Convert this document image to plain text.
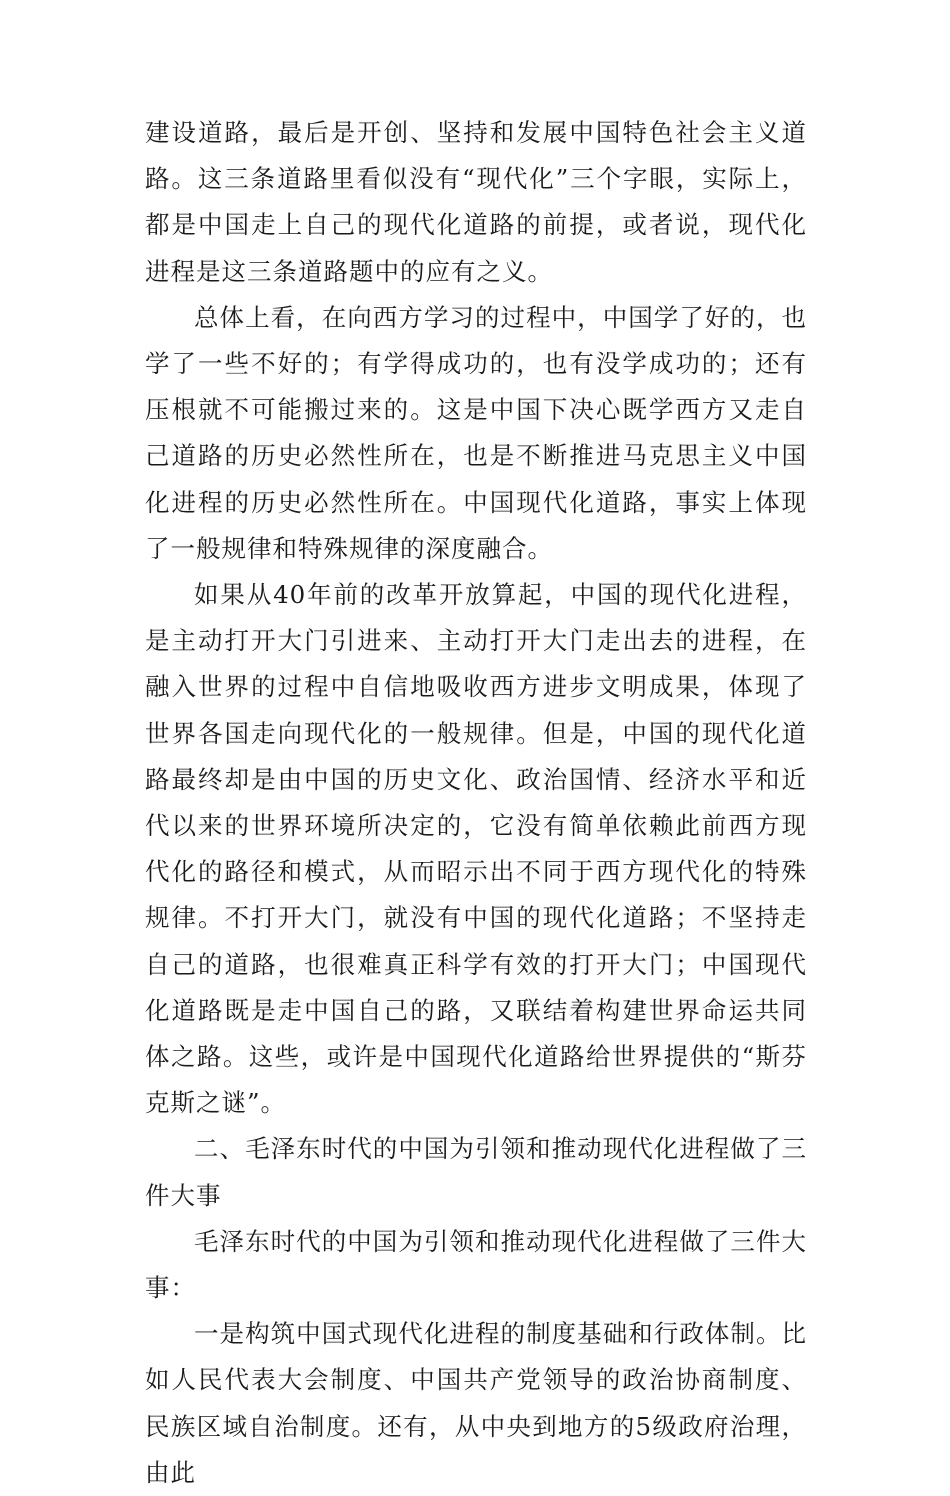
建设道路，最后是开创、坚持和发展中国特色社会主义道路。这三条道路里看似没有“现代化”三个字眼，实际上，都是中国走上自己的现代化道路的前提，或者说，现代化进程是这三条道路题中的应有之义。

总体上看，在向西方学习的过程中，中国学了好的，也学了一些不好的；有学得成功的，也有没学成功的；还有压根就不可能搬过来的。这是中国下决心既学西方又走自己道路的历史必然性所在，也是不断推进马克思主义中国化进程的历史必然性所在。中国现代化道路，事实上体现了一般规律和特殊规律的深度融合。

如果从40年前的改革开放算起，中国的现代化进程，是主动打开大门引进来、主动打开大门走出去的进程，在融入世界的过程中自信地吸收西方进步文明成果，体现了世界各国走向现代化的一般规律。但是，中国的现代化道路最终却是由中国的历史文化、政治国情、经济水平和近代以来的世界环境所决定的，它没有简单依赖此前西方现代化的路径和模式，从而昭示出不同于西方现代化的特殊规律。不打开大门，就没有中国的现代化道路；不坚持走自己的道路，也很难真正科学有效的打开大门；中国现代化道路既是走中国自己的路，又联结着构建世界命运共同体之路。这些，或许是中国现代化道路给世界提供的“斯芬克斯之谜”。

二、毛泽东时代的中国为引领和推动现代化进程做了三件大事

毛泽东时代的中国为引领和推动现代化进程做了三件大事：

一是构筑中国式现代化进程的制度基础和行政体制。比如人民代表大会制度、中国共产党领导的政治协商制度、民族区域自治制度。还有，从中央到地方的5级政府治理，由此
